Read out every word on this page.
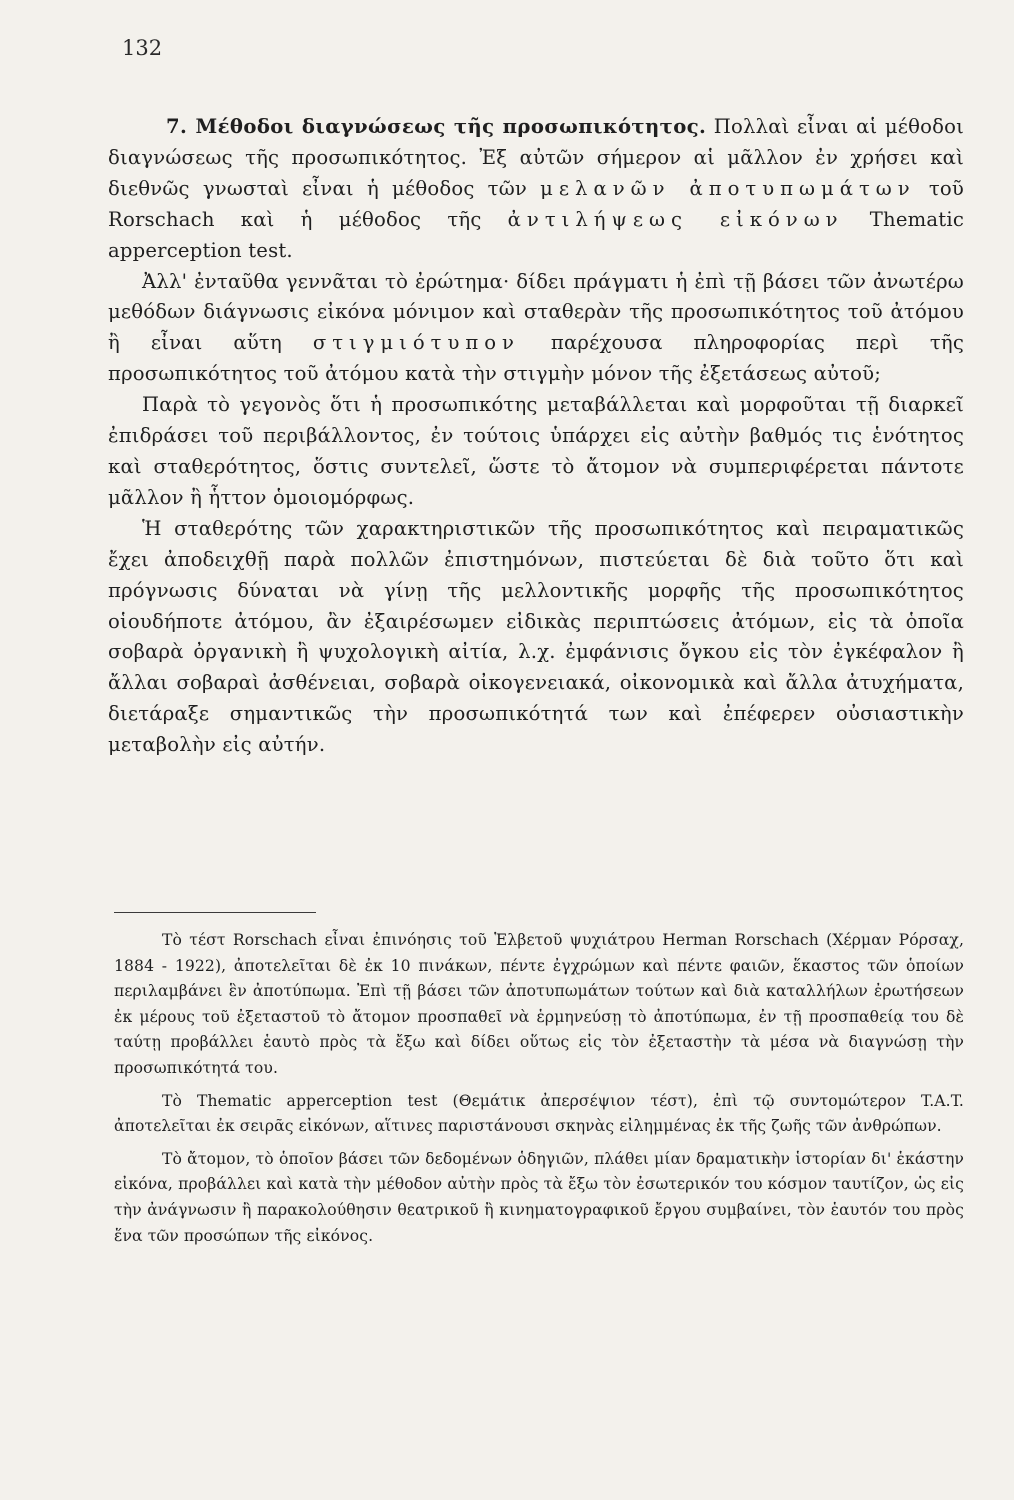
132

7. Μέθοδοι διαγνώσεως τῆς προσωπικότητος. Πολλαὶ εἶναι αἱ μέθοδοι διαγνώσεως τῆς προσωπικότητος. Ἐξ αὐτῶν σήμερον αἱ μᾶλλον ἐν χρήσει καὶ διεθνῶς γνωσταὶ εἶναι ἡ μέθοδος τῶν μελανῶν ἀποτυπωμάτων τοῦ Rorschach καὶ ἡ μέθοδος τῆς ἀντιλήψεως εἰκόνων Thematic apperception test.

Ἀλλ' ἐνταῦθα γεννᾶται τὸ ἐρώτημα· δίδει πράγματι ἡ ἐπὶ τῇ βάσει τῶν ἀνωτέρω μεθόδων διάγνωσις εἰκόνα μόνιμον καὶ σταθερὰν τῆς προσωπικότητος τοῦ ἀτόμου ἢ εἶναι αὕτη στιγμιότυπον παρέχουσα πληροφορίας περὶ τῆς προσωπικότητος τοῦ ἀτόμου κατὰ τὴν στιγμὴν μόνον τῆς ἐξετάσεως αὐτοῦ;

Παρὰ τὸ γεγονὸς ὅτι ἡ προσωπικότης μεταβάλλεται καὶ μορφοῦται τῇ διαρκεῖ ἐπιδράσει τοῦ περιβάλλοντος, ἐν τούτοις ὑπάρχει εἰς αὐτὴν βαθμός τις ἑνότητος καὶ σταθερότητος, ὅστις συντελεῖ, ὥστε τὸ ἄτομον νὰ συμπεριφέρεται πάντοτε μᾶλλον ἢ ἧττον ὁμοιομόρφως.

Ἡ σταθερότης τῶν χαρακτηριστικῶν τῆς προσωπικότητος καὶ πειραματικῶς ἔχει ἀποδειχθῇ παρὰ πολλῶν ἐπιστημόνων, πιστεύεται δὲ διὰ τοῦτο ὅτι καὶ πρόγνωσις δύναται νὰ γίνῃ τῆς μελλοντικῆς μορφῆς τῆς προσωπικότητος οἱουδήποτε ἀτόμου, ἂν ἐξαιρέσωμεν εἰδικὰς περιπτώσεις ἀτόμων, εἰς τὰ ὁποῖα σοβαρὰ ὀργανικὴ ἢ ψυχολογικὴ αἰτία, λ.χ. ἐμφάνισις ὄγκου εἰς τὸν ἐγκέφαλον ἢ ἄλλαι σοβαραὶ ἀσθένειαι, σοβαρὰ οἰκογενειακά, οἰκονομικὰ καὶ ἄλλα ἀτυχήματα, διετάραξε σημαντικῶς τὴν προσωπικότητά των καὶ ἐπέφερεν οὐσιαστικὴν μεταβολὴν εἰς αὐτήν.

Τὸ τέστ Rorschach εἶναι ἐπινόησις τοῦ Ἑλβετοῦ ψυχιάτρου Herman Rorschach (Χέρμαν Ρόρσαχ, 1884 - 1922), ἀποτελεῖται δὲ ἐκ 10 πινάκων, πέντε ἐγχρώμων καὶ πέντε φαιῶν, ἕκαστος τῶν ὁποίων περιλαμβάνει ἓν ἀποτύπωμα. Ἐπὶ τῇ βάσει τῶν ἀποτυπωμάτων τούτων καὶ διὰ καταλλήλων ἐρωτήσεων ἐκ μέρους τοῦ ἐξεταστοῦ τὸ ἄτομον προσπαθεῖ νὰ ἑρμηνεύσῃ τὸ ἀποτύπωμα, ἐν τῇ προσπαθείᾳ του δὲ ταύτῃ προβάλλει ἑαυτὸ πρὸς τὰ ἔξω καὶ δίδει οὕτως εἰς τὸν ἐξεταστὴν τὰ μέσα νὰ διαγνώσῃ τὴν προσωπικότητά του.

Τὸ Thematic apperception test (Θεμάτικ ἀπερσέψιον τέστ), ἐπὶ τῷ συντομώτερον T.A.T. ἀποτελεῖται ἐκ σειρᾶς εἰκόνων, αἵτινες παριστάνουσι σκηνὰς εἰλημμένας ἐκ τῆς ζωῆς τῶν ἀνθρώπων.

Τὸ ἄτομον, τὸ ὁποῖον βάσει τῶν δεδομένων ὁδηγιῶν, πλάθει μίαν δραματικὴν ἱστορίαν δι' ἑκάστην εἰκόνα, προβάλλει καὶ κατὰ τὴν μέθοδον αὐτὴν πρὸς τὰ ἔξω τὸν ἐσωτερικόν του κόσμον ταυτίζον, ὡς εἰς τὴν ἀνάγνωσιν ἢ παρακολούθησιν θεατρικοῦ ἢ κινηματογραφικοῦ ἔργου συμβαίνει, τὸν ἑαυτόν του πρὸς ἕνα τῶν προσώπων τῆς εἰκόνος.
